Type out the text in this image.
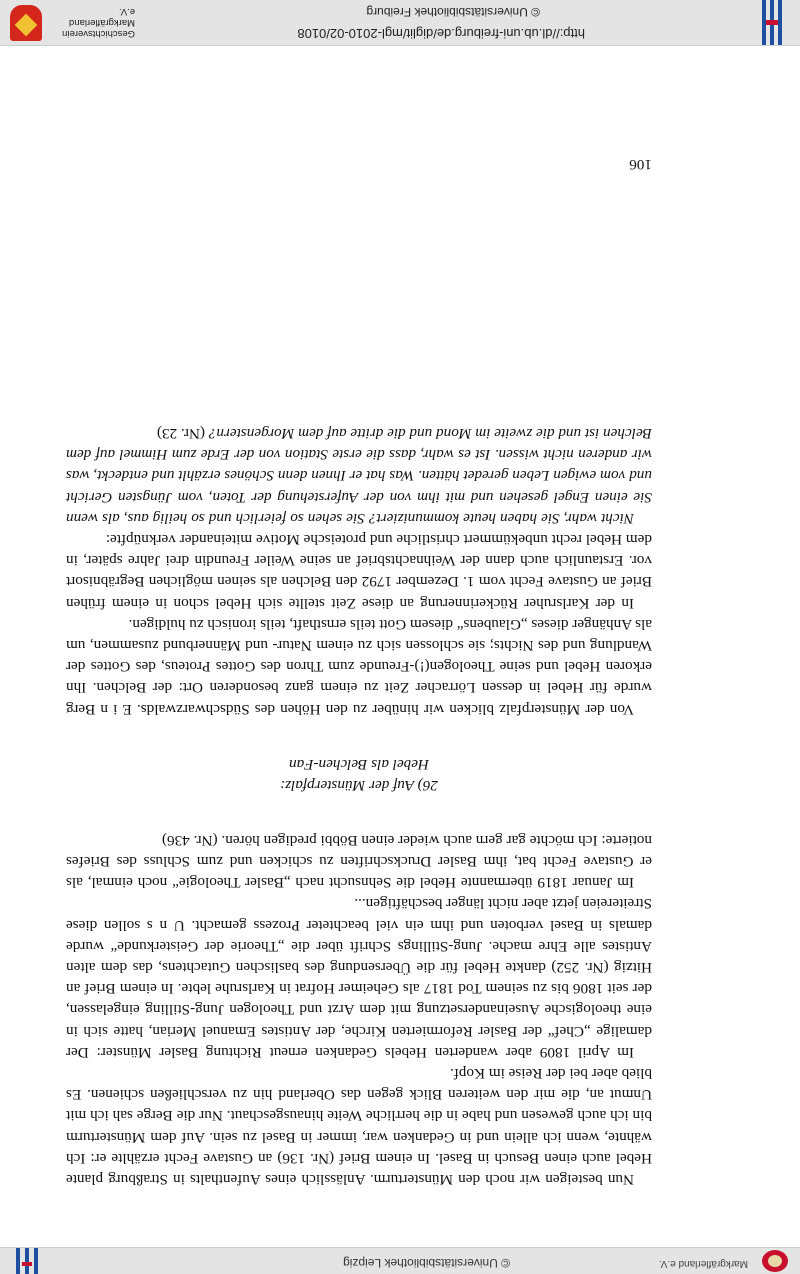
Markgräflerland e.V.
© Universitätsbibliothek Leipzig

Nun besteigen wir noch den Münsterturm. Anlässlich eines Aufenthalts in Straßburg plante Hebel auch einen Besuch in Basel. In einem Brief (Nr. 136) an Gustave Fecht erzählte er: Ich wähnte, wenn ich allein und in Gedanken war, immer in Basel zu sein. Auf dem Münsterturm bin ich auch gewesen und habe in die herrliche Weite hinausgeschaut. Nur die Berge sah ich mit Unmut an, die mir den weiteren Blick gegen das Oberland hin zu verschließen schienen. Es blieb aber bei der Reise im Kopf.

Im April 1809 aber wanderten Hebels Gedanken erneut Richtung Basler Münster: Der damalige „Chef“ der Basler Reformierten Kirche, der Antistes Emanuel Merian, hatte sich in eine theologische Auseinandersetzung mit dem Arzt und Theologen Jung-Stilling eingelassen, der seit 1806 bis zu seinem Tod 1817 als Geheimer Hofrat in Karlsruhe lebte. In einem Brief an Hitzig (Nr. 252) dankte Hebel für die Übersendung des baslischen Gutachtens, das dem alten Antistes alle Ehre mache. Jung-Stillings Schrift über die „Theorie der Geisterkunde“ wurde damals in Basel verboten und ihm ein viel beachteter Prozess gemacht. U n s sollen diese Streitereien jetzt aber nicht länger beschäftigen...

Im Januar 1819 übermannte Hebel die Sehnsucht nach „Basler Theologie“ noch einmal, als er Gustave Fecht bat, ihm Basler Druckschriften zu schicken und zum Schluss des Briefes notierte: Ich möchte gar gern auch wieder einen Böbbi predigen hören. (Nr. 436)

26) Auf der Münsterpfalz:
Hebel als Belchen-Fan

Von der Münsterpfalz blicken wir hinüber zu den Höhen des Südschwarzwalds. E i n Berg wurde für Hebel in dessen Lörracher Zeit zu einem ganz besonderen Ort: der Belchen. Ihn erkoren Hebel und seine Theologen(!)-Freunde zum Thron des Gottes Proteus, des Gottes der Wandlung und des Nichts; sie schlossen sich zu einem Natur- und Männerbund zusammen, um als Anhänger dieses „Glaubens“ diesem Gott teils ernsthaft, teils ironisch zu huldigen.

In der Karlsruher Rückerinnerung an diese Zeit stellte sich Hebel schon in einem frühen Brief an Gustave Fecht vom 1. Dezember 1792 den Belchen als seinen möglichen Begräbnisort vor. Erstaunlich auch dann der Weihnachtsbrief an seine Weiler Freundin drei Jahre später, in dem Hebel recht unbekümmert christliche und proteische Motive miteinander verknüpfte:

Nicht wahr, Sie haben heute kommuniziert? Sie sehen so feierlich und so heilig aus, als wenn Sie einen Engel gesehen und mit ihm von der Auferstehung der Toten, vom Jüngsten Gericht und vom ewigen Leben geredet hätten. Was hat er Ihnen denn Schönes erzählt und entdeckt, was wir anderen nicht wissen. Ist es wahr, dass die erste Station von der Erde zum Himmel auf dem Belchen ist und die zweite im Mond und die dritte auf dem Morgenstern? (Nr. 23)

106
http://dl.ub.uni-freiburg.de/diglit/mgl-2010-02/0108
© Universitätsbibliothek Freiburg
Geschichtsverein Markgräflerland e.V.
